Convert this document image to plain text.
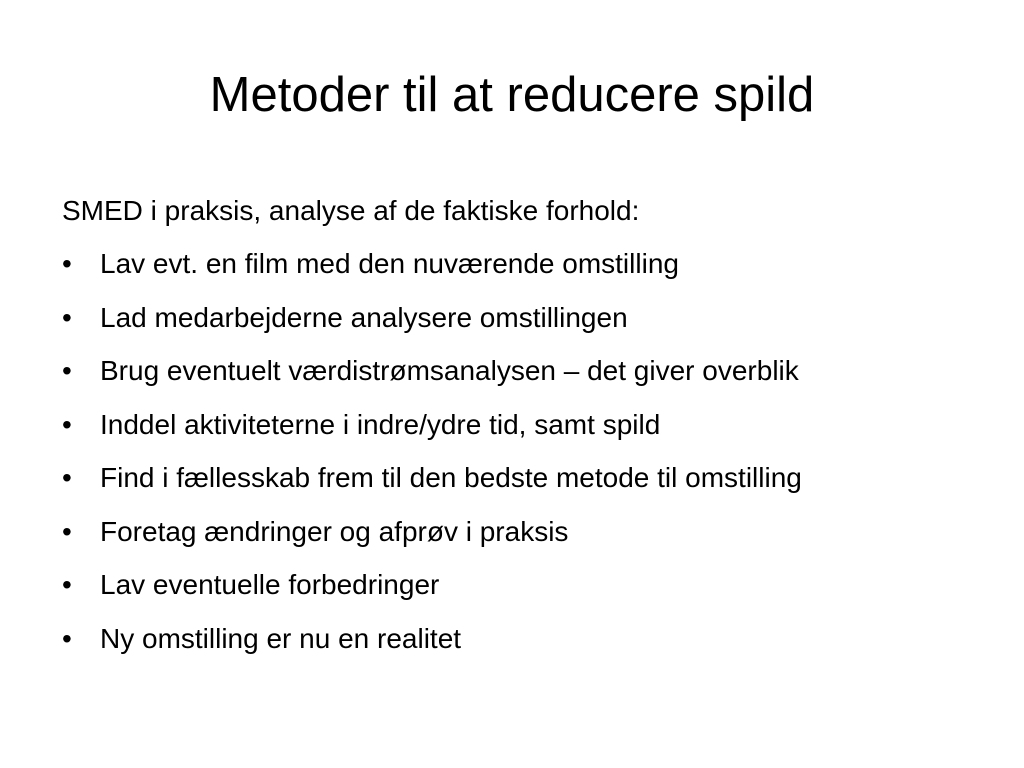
Metoder til at reducere spild

SMED i praksis, analyse af de faktiske forhold:

•	Lav evt. en film med den nuværende omstilling
•	Lad medarbejderne analysere omstillingen
•	Brug eventuelt værdistrømsanalysen – det giver overblik
•	Inddel aktiviteterne i indre/ydre tid, samt spild
•	Find i fællesskab frem til den bedste metode til omstilling
•	Foretag ændringer og afprøv i praksis
•	Lav eventuelle forbedringer
•	Ny omstilling er nu en realitet
